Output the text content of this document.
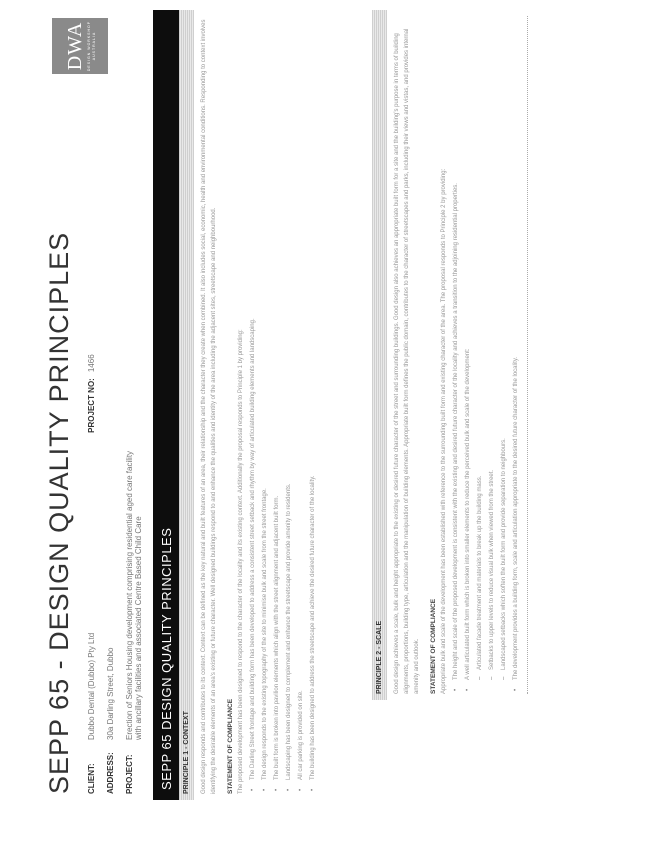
SEPP 65 - DESIGN QUALITY PRINCIPLES CLIENT:
Dubbo Dental (Dubbo) Pty Ltd
PROJECT NO:
1466
ADDRESS:
30a Darling Street, Dubbo
PROJECT:
Erection of Seniors Housing development comprising residential aged care facility with ancillary facilities and associated Centre Based Child Care
DWA DESIGN WORKSHOP AUSTRALIA
SEPP 65 DESIGN QUALITY PRINCIPLES	PRINCIPLE 1 - CONTEXT	Good design responds and contributes to its context. Context can be defined as the key natural and built features of an area, their relationship and the character they create when combined. It also includes social, economic, health and environmental conditions. Responding to context involves identifying the desirable elements of an area's existing or future character. Well designed buildings respond to and enhance the qualities and identity of the area including the adjacent sites, streetscape and neighbourhood.	STATEMENT OF COMPLIANCE The proposed development has been designed to respond to the character of the locality and its existing context. Additionally the proposal responds to Principle 1 by providing:	• The Darling Street frontage and building form has been developed to address a consistent street setback and rhythm by way of articulated building elements and landscaping.	• The design responds to the existing topography of the site to minimise bulk and scale from the street frontage.	• The built form is broken into pavilion elements which align with the street alignment and adjacent built form.	• Landscaping has been designed to complement and enhance the streetscape and provide amenity to residents.	• All car parking is provided on site.	• The building has been designed to address the streetscape and achieve the desired future character of the locality.	PRINCIPLE 2 - SCALE	Good design achieves a scale, bulk and height appropriate to the existing or desired future character of the street and surrounding buildings. Good design also achieves an appropriate built form for a site and the building's purpose in terms of building alignments, proportions, building type, articulation and the manipulation of building elements. Appropriate built form defines the public domain, contributes to the character of streetscapes and parks, including their views and vistas, and provides internal amenity and outlook.	STATEMENT OF COMPLIANCE Appropriate bulk and scale of the development has been established with reference to the surrounding built form and existing character of the area. The proposal responds to Principle 2 by providing:	• The height and scale of the proposed development is consistent with the existing and desired future character of the locality and achieves a transition to the adjoining residential properties.	• A well articulated built form which is broken into smaller elements to reduce the perceived bulk and scale of the development:	– Articulated facade treatment and materials to break up the building mass.	– Setbacks to upper levels to reduce visual bulk when viewed from the street.	– Landscaped setbacks which soften the built form and provide separation to neighbours.	• The development provides a building form, scale and articulation appropriate to the desired future character of the locality.
